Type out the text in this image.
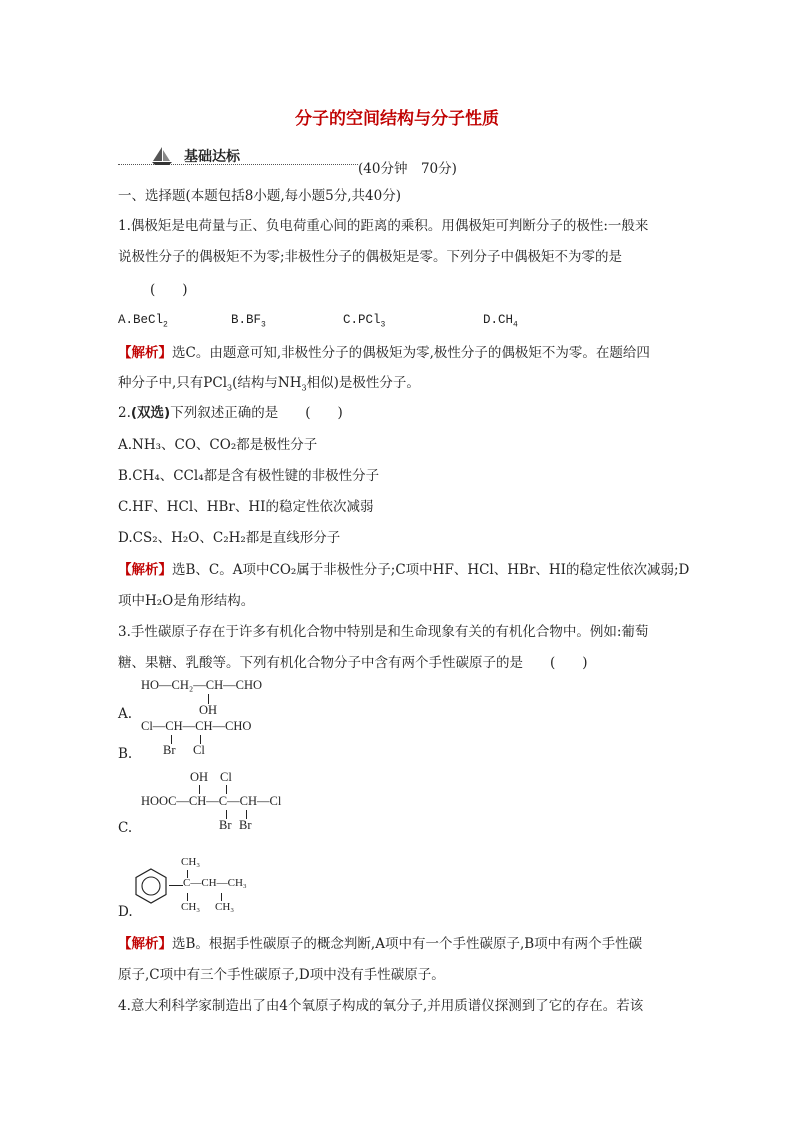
分子的空间结构与分子性质
基础达标
(40分钟　70分)
一、选择题(本题包括8小题,每小题5分,共40分)
1.偶极矩是电荷量与正、负电荷重心间的距离的乘积。用偶极矩可判断分子的极性:一般来
说极性分子的偶极矩不为零;非极性分子的偶极矩是零。下列分子中偶极矩不为零的是
(　　)
A.BeCl$_2$	$B.BF_3$	C.PCl$_3$	$D.CH_4$
【解析】选C。由题意可知,非极性分子的偶极矩为零,极性分子的偶极矩不为零。在题给四
种分子中,只有PCl$_3$(结构与$NH_3$相似)是极性分子。
2.(双选)下列叙述正确的是　　(　　)
A.NH₃、CO、CO₂都是极性分子
B.CH₄、CCl₄都是含有极性键的非极性分子
C.HF、HCl、HBr、HI的稳定性依次减弱
D.CS₂、H₂O、C₂H₂都是直线形分子
【解析】选B、C。A项中CO₂属于非极性分子;C项中HF、HCl、HBr、HI的稳定性依次减弱;D
项中H₂O是角形结构。
3.手性碳原子存在于许多有机化合物中特别是和生命现象有关的有机化合物中。例如:葡萄
糖、果糖、乳酸等。下列有机化合物分子中含有两个手性碳原子的是　　(　　)
HO—CH₂—CH—CHO
OH
A.
Cl—CH—CH—CHO
Br Cl
B.
OH Cl
HOOC—CH—C—CH—Cl
Br Br
C.
CH₃
C—CH—CH₃
CH₃ CH₃
D.
【解析】选B。根据手性碳原子的概念判断,A项中有一个手性碳原子,B项中有两个手性碳
原子,C项中有三个手性碳原子,D项中没有手性碳原子。
4.意大利科学家制造出了由4个氧原子构成的氧分子,并用质谱仪探测到了它的存在。若该
